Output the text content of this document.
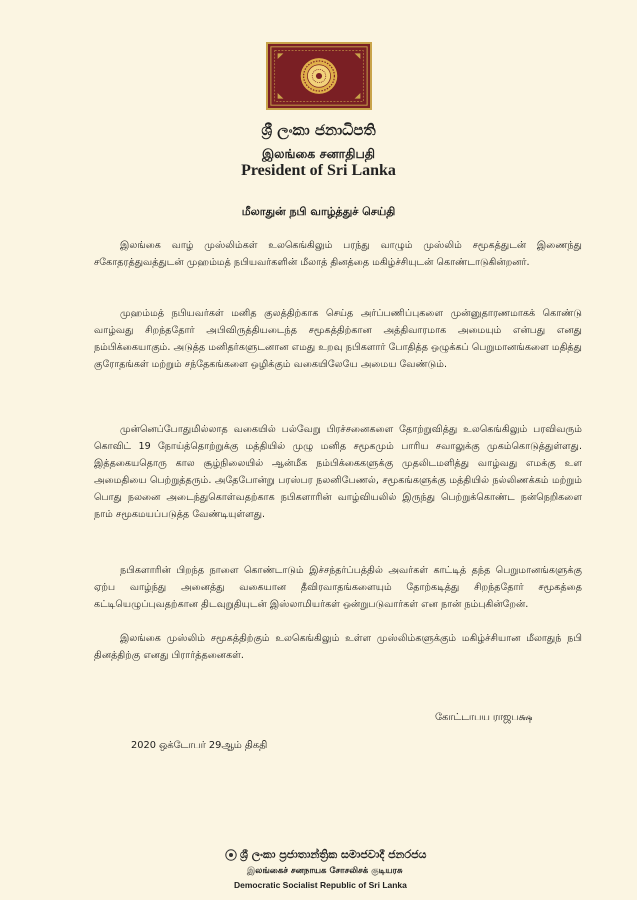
ශ්‍රී ලංකා ජනාධිපති
இலங்கை சனாதிபதி
President of Sri Lanka
மீலாதுன் நபி வாழ்த்துச் செய்தி

இலங்கை வாழ் முஸ்லிம்கள் உலகெங்கிலும் பரந்து வாழும் முஸ்லிம் சமூகத்துடன் இணைந்து சகோதரத்துவத்துடன் முஹம்மத் நபியவர்களின் மீலாத் தினத்தை மகிழ்ச்சியுடன் கொண்டாடுகின்றனர்.

முஹம்மத் நபியவர்கள் மனித குலத்திற்காக செய்த அர்ப்பணிப்புகளை முன்னுதாரணமாகக் கொண்டு வாழ்வது சிறந்ததோர் அபிவிருத்தியடைந்த சமூகத்திற்கான அத்திவாரமாக அமையும் என்பது எனது நம்பிக்கையாகும். அடுத்த மனிதர்களுடனான எமது உறவு நபிகளார் போதித்த ஒழுக்கப் பெறுமானங்களை மதித்து குரோதங்கள் மற்றும் சந்தேகங்களை ஒழிக்கும் வகையிலேயே அமைய வேண்டும்.

முன்னெப்போதுமில்லாத வகையில் பல்வேறு பிரச்சனைகளை தோற்றுவித்து உலகெங்கிலும் பரவிவரும் கொவிட் 19 நோய்த்தொற்றுக்கு மத்தியில் முழு மனித சமூகமும் பாரிய சவாலுக்கு முகம்கொடுத்துள்ளது. இத்தகையதொரு கால சூழ்நிலையில் ஆன்மீக நம்பிக்கைகளுக்கு முதலிடமளித்து வாழ்வது எமக்கு உள அமைதியை பெற்றுத்தரும். அதேபோன்று பரஸ்பர நலனிபேணல், சமூகங்களுக்கு மத்தியில் நல்லிணக்கம் மற்றும் பொது நலனை அடைந்துகொள்வதற்காக நபிகளாரின் வாழ்வியலில் இருந்து பெற்றுக்கொண்ட நன்நெறிகளை நாம் சமூகமயப்படுத்த வேண்டியுள்ளது.

நபிகளாரின் பிறந்த நாளை கொண்டாடும் இச்சந்தர்ப்பத்தில் அவர்கள் காட்டித் தந்த பெறுமானங்களுக்கு ஏற்ப வாழ்ந்து அனைத்து வகையான தீவிரவாதங்களையும் தோற்கடித்து சிறந்ததோர் சமூகத்தை கட்டியெழுப்புவதற்கான திடவுறுதியுடன் இஸ்லாமியர்கள் ஒன்றுபடுவார்கள் என நான் நம்புகின்றேன்.

இலங்கை முஸ்லிம் சமூகத்திற்கும் உலகெங்கிலும் உள்ள முஸ்லிம்களுக்கும் மகிழ்ச்சியான மீலாதுந் நபி தினத்திற்கு எனது பிரார்த்தனைகள்.

கோட்டாபய ராஜபக்ஷ
2020 ஒக்டோபர் 29ஆம் திகதி
ශ්‍රී ලංකා ප්‍රජාතාන්ත්‍රික සමාජවාදී ජනරජය
இலங்கைச் சனநாயக சோசலிசக் குடியரசு
Democratic Socialist Republic of Sri Lanka
